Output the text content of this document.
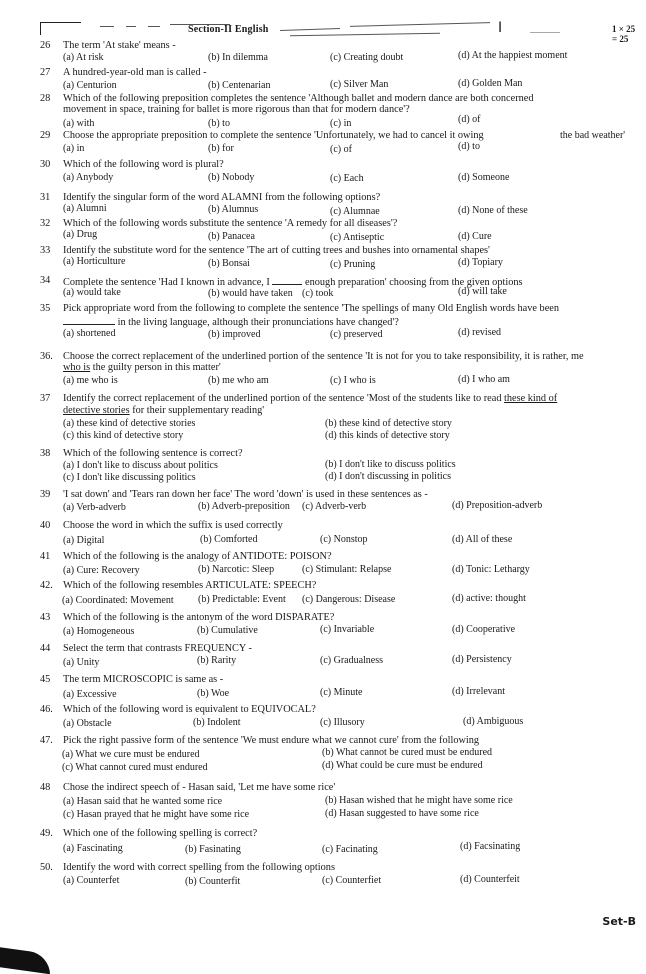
Section-II English	I	1 × 25 = 25
26	The term 'At stake' means -
(a) At risk	(b) In dilemma	(c) Creating doubt	(d) At the happiest moment
27	A hundred-year-old man is called -
(a) Centurion	(b) Centenarian	(c) Silver Man	(d) Golden Man
28	Which of the following preposition completes the sentence 'Although ballet and modern dance are both concerned
movement in space, training for ballet is more rigorous than that for modern dance'?
(a) with	(b) to	(c) in	(d) of
29	Choose the appropriate preposition to complete the sentence 'Unfortunately, we had to cancel it owing	the bad weather'
(a) in	(b) for	(c) of	(d) to
30	Which of the following word is plural?
(a) Anybody	(b) Nobody	(c) Each	(d) Someone
31	Identify the singular form of the word ALAMNI from the following options?
(a) Alumni	(b) Alumnus	(c) Alumnae	(d) None of these
32	Which of the following words substitute the sentence 'A remedy for all diseases'?
(a) Drug	(b) Panacea	(c) Antiseptic	(d) Cure
33	Identify the substitute word for the sentence 'The art of cutting trees and bushes into ornamental shapes'
(a) Horticulture	(b) Bonsai	(c) Pruning	(d) Topiary
34	Complete the sentence 'Had I known in advance, I	enough preparation' choosing from the given options
(a) would take	(b) would have taken (c) took	(d) will take
35	Pick appropriate word from the following to complete the sentence 'The spellings of many Old English words have been
in the living language, although their pronunciations have changed'?
(a) shortened	(b) improved	(c) preserved	(d) revised
36. Choose the correct replacement of the underlined portion of the sentence 'It is not for you to take responsibility, it is rather, me
who is the guilty person in this matter'
(a) me who is	(b) me who am	(c) I who is	(d) I who am
37	Identify the correct replacement of the underlined portion of the sentence 'Most of the students like to read these kind of
detective stories for their supplementary reading'
(a) these kind of detective stories	(b) these kind of detective story
(c) this kind of detective story	(d) this kinds of detective story
38	Which of the following sentence is correct?
(a) I don't like to discuss about politics	(b) I don't like to discuss politics
(c) I don't like discussing politics	(d) I don't discussing in politics
39	'I sat down' and 'Tears ran down her face' The word 'down' is used in these sentences as -
(a) Verb-adverb	(b) Adverb-preposition (c) Adverb-verb	(d) Preposition-adverb
40	Choose the word in which the suffix is used correctly
(a) Digital	(b) Comforted	(c) Nonstop	(d) All of these
41	Which of the following is the analogy of ANTIDOTE: POISON?
(a) Cure: Recovery	(b) Narcotic: Sleep	(c) Stimulant: Relapse	(d) Tonic: Lethargy
42. Which of the following resembles ARTICULATE: SPEECH?
(a) Coordinated: Movement (b) Predictable: Event (c) Dangerous: Disease	(d) active: thought
43	Which of the following is the antonym of the word DISPARATE?
(a) Homogeneous	(b) Cumulative	(c) Invariable	(d) Cooperative
44	Select the term that contrasts FREQUENCY -
(a) Unity	(b) Rarity	(c) Gradualness	(d) Persistency
45	The term MICROSCOPIC is same as -
(a) Excessive	(b) Woe	(c) Minute	(d) Irrelevant
46. Which of the following word is equivalent to EQUIVOCAL?
(a) Obstacle	(b) Indolent	(c) Illusory	(d) Ambiguous
47. Pick the right passive form of the sentence 'We must endure what we cannot cure' from the following
(a) What we cure must be endured	(b) What cannot be cured must be endured
(c) What cannot cured must endured	(d) What could be cure must be endured
48	Chose the indirect speech of - Hasan said, 'Let me have some rice'
(a) Hasan said that he wanted some rice	(b) Hasan wished that he might have some rice
(c) Hasan prayed that he might have some rice	(d) Hasan suggested to have some rice
49. Which one of the following spelling is correct?
(a) Fascinating	(b) Fasinating	(c) Facinating	(d) Facsinating
50. Identify the word with correct spelling from the following options
(a) Counterfet	(b) Counterfit	(c) Counterfiet	(d) Counterfeit
Set-B
